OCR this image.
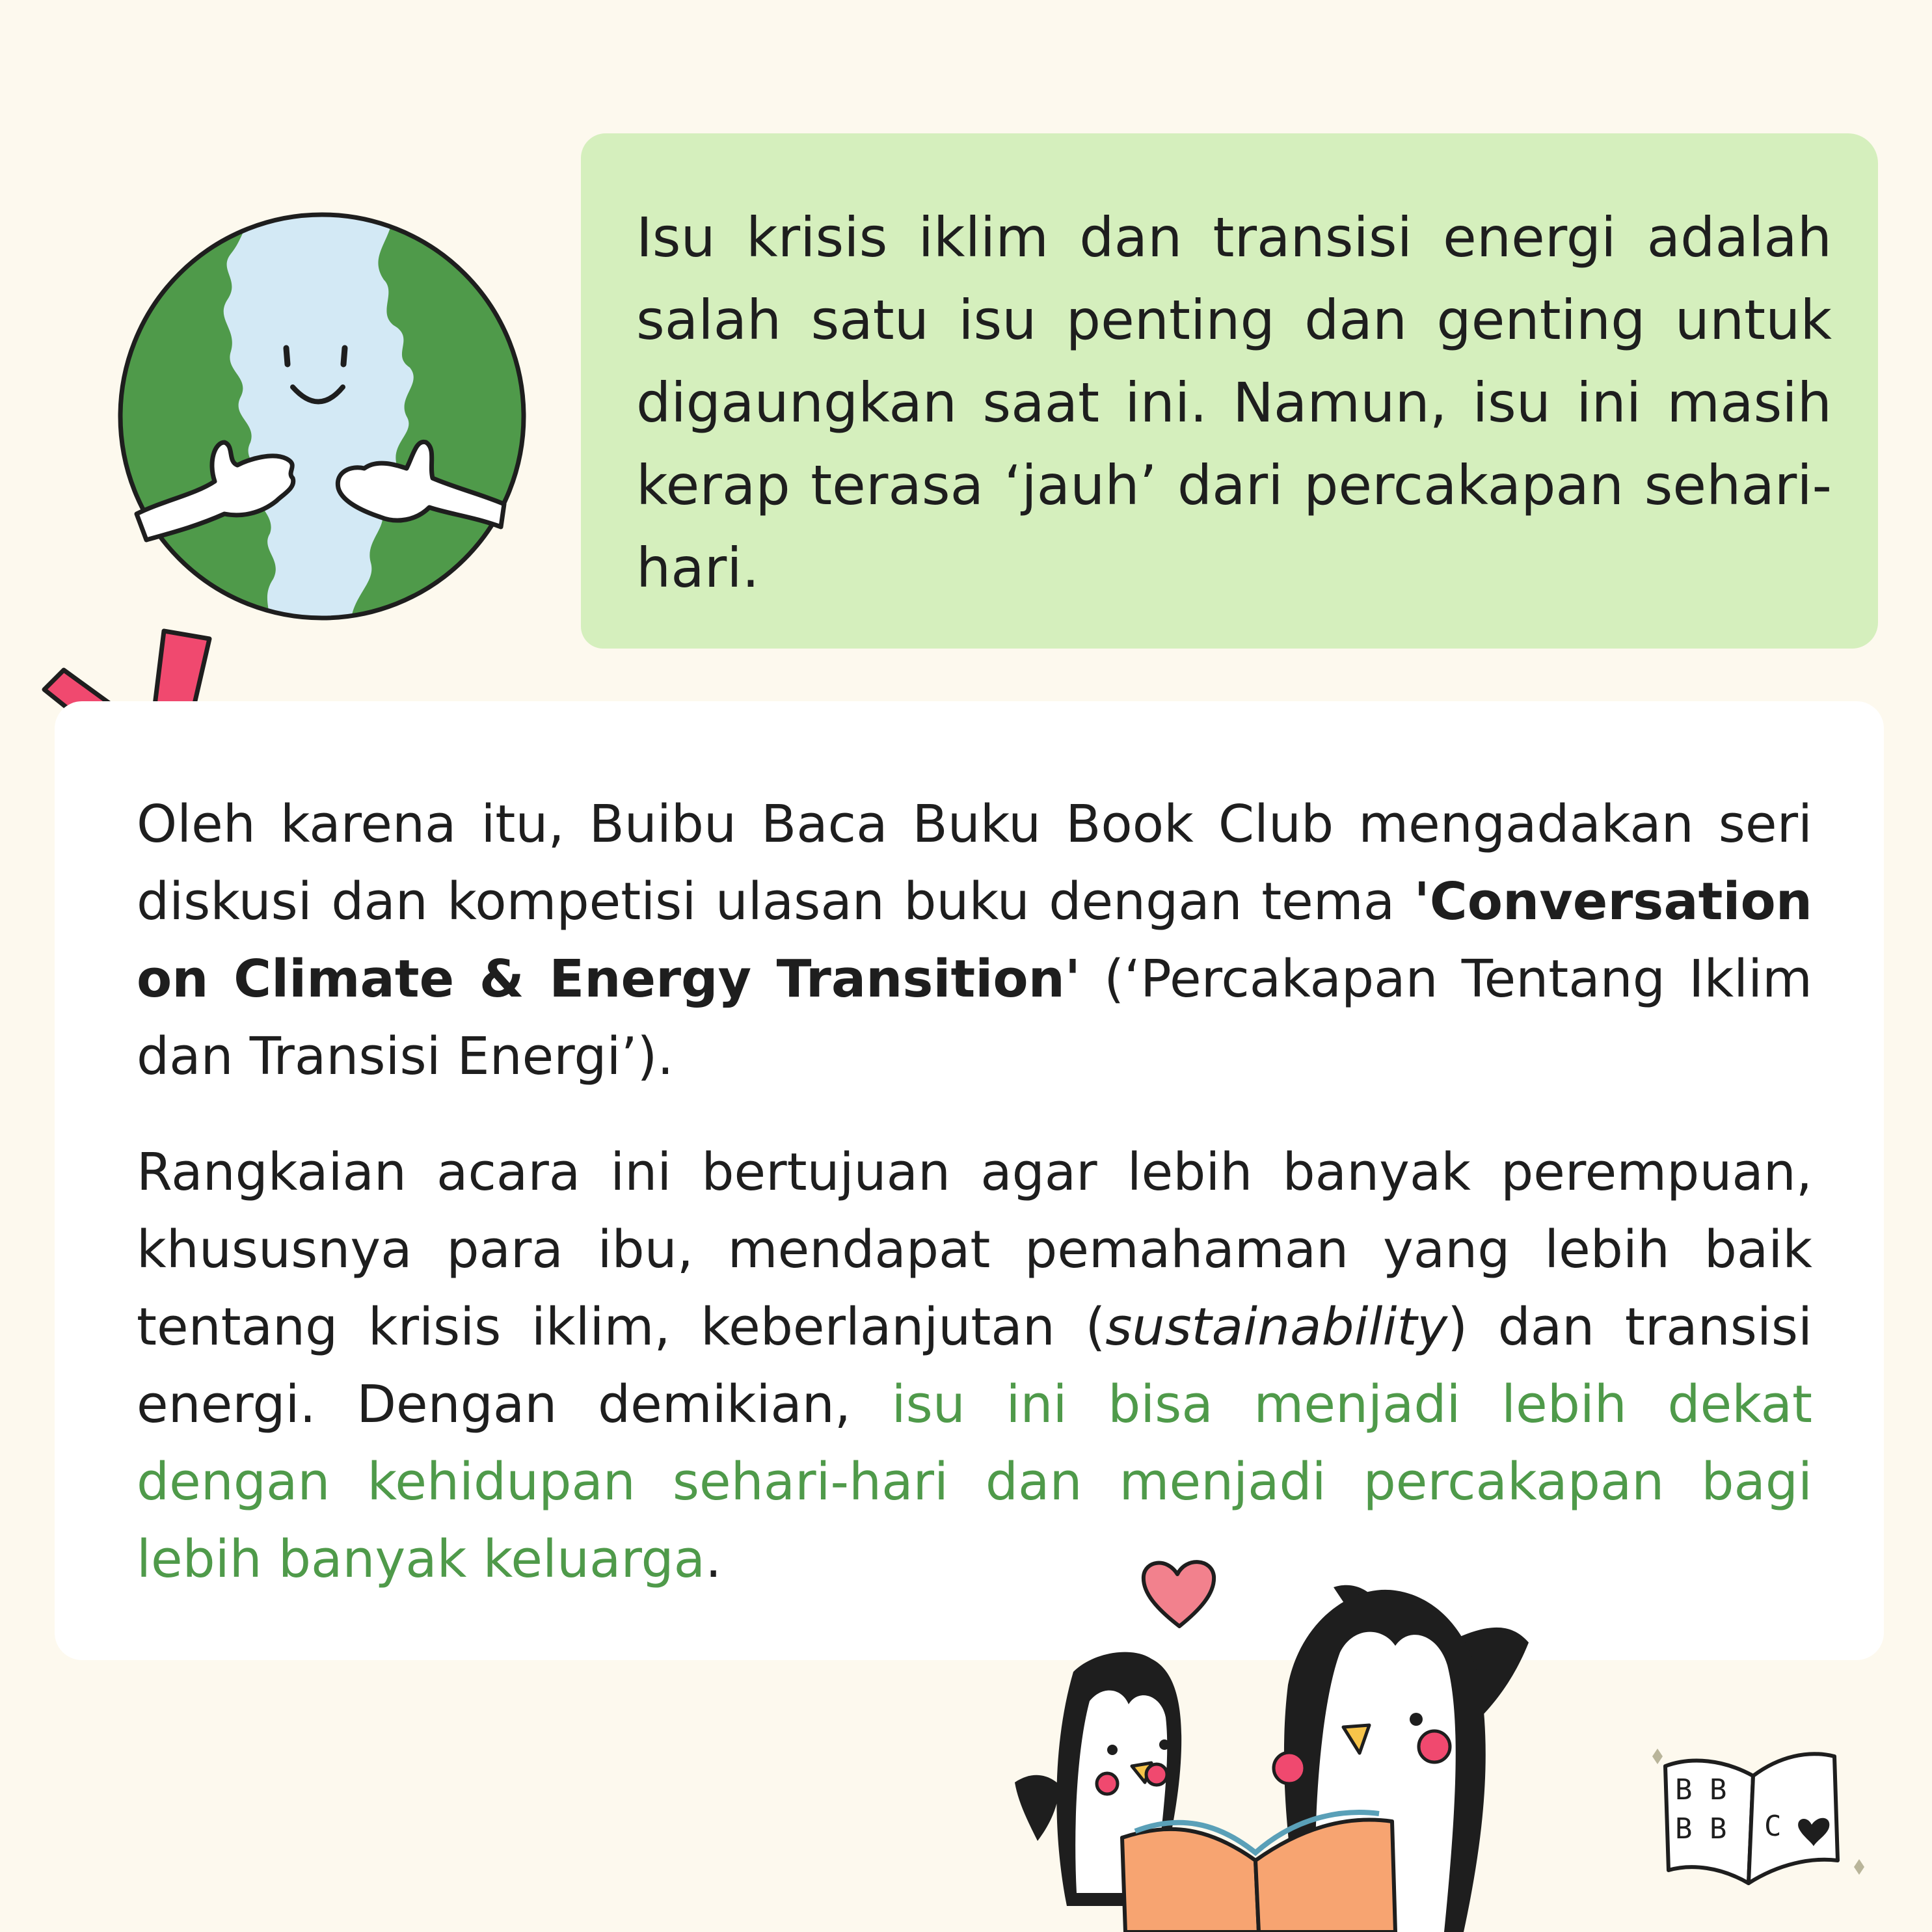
Isu krisis iklim dan transisi energi adalah salah satu isu penting dan genting untuk digaungkan saat ini. Namun, isu ini masih kerap terasa ‘jauh’ dari percakapan sehari-hari.

Oleh karena itu, Buibu Baca Buku Book Club mengadakan seri diskusi dan kompetisi ulasan buku dengan tema 'Conversation on Climate & Energy Transition' (‘Percakapan Tentang Iklim dan Transisi Energi’).

Rangkaian acara ini bertujuan agar lebih banyak perempuan, khususnya para ibu, mendapat pemahaman yang lebih baik tentang krisis iklim, keberlanjutan (sustainability) dan transisi energi. Dengan demikian, isu ini bisa menjadi lebih dekat dengan kehidupan sehari-hari dan menjadi percakapan bagi lebih banyak keluarga.

B B
B B	C
